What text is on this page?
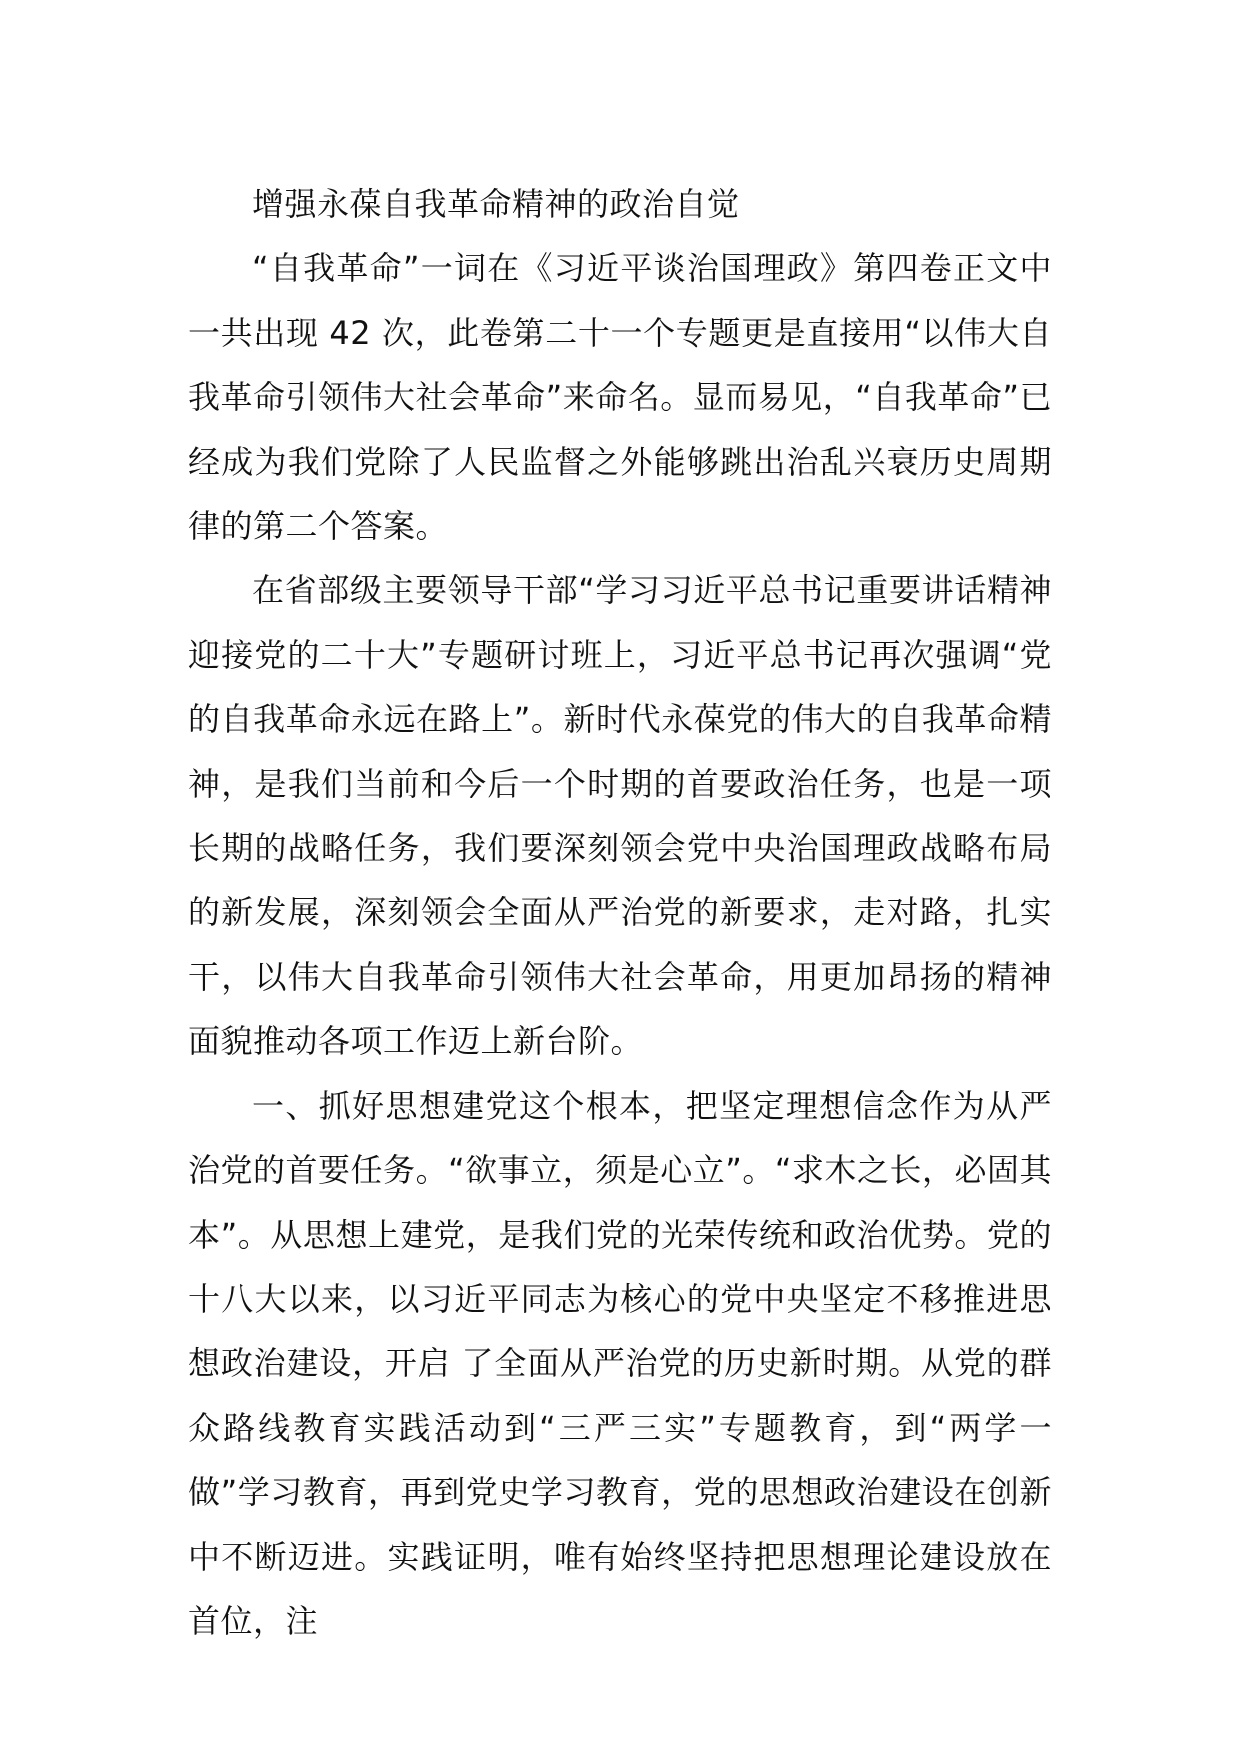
增强永葆自我革命精神的政治自觉

“自我革命”一词在《习近平谈治国理政》第四卷正文中一共出现 42 次，此卷第二十一个专题更是直接用“以伟大自我革命引领伟大社会革命”来命名。显而易见，“自我革命”已经成为我们党除了人民监督之外能够跳出治乱兴衰历史周期律的第二个答案。

在省部级主要领导干部“学习习近平总书记重要讲话精神迎接党的二十大”专题研讨班上，习近平总书记再次强调“党的自我革命永远在路上”。新时代永葆党的伟大的自我革命精神，是我们当前和今后一个时期的首要政治任务，也是一项长期的战略任务，我们要深刻领会党中央治国理政战略布局的新发展，深刻领会全面从严治党的新要求，走对路，扎实干，以伟大自我革命引领伟大社会革命，用更加昂扬的精神面貌推动各项工作迈上新台阶。

一、抓好思想建党这个根本，把坚定理想信念作为从严治党的首要任务。“欲事立，须是心立”。“求木之长，必固其本”。从思想上建党，是我们党的光荣传统和政治优势。党的十八大以来，以习近平同志为核心的党中央坚定不移推进思想政治建设，开启 了全面从严治党的历史新时期。从党的群众路线教育实践活动到“三严三实”专题教育，到“两学一做”学习教育，再到党史学习教育，党的思想政治建设在创新中不断迈进。实践证明，唯有始终坚持把思想理论建设放在首位，注
